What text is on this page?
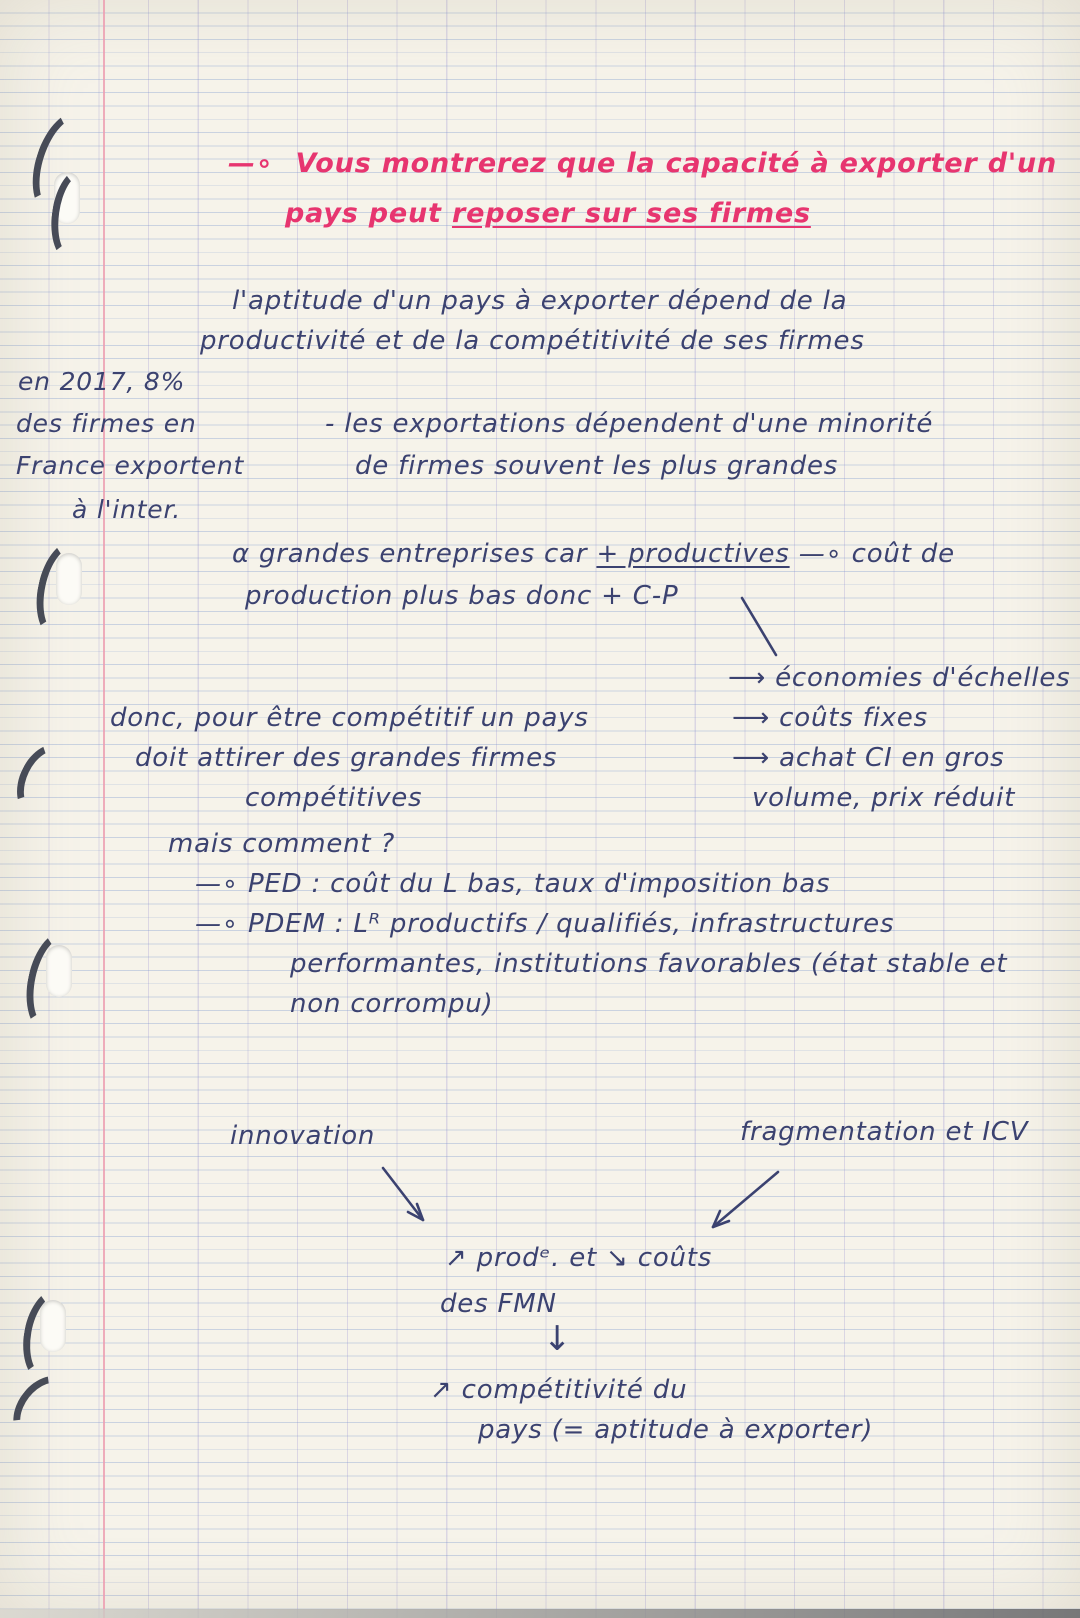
—∘ Vous montrerez que la capacité à exporter d'un
pays peut reposer sur ses firmes
l'aptitude d'un pays à exporter dépend de la
productivité et de la compétitivité de ses firmes
en 2017, 8%
des firmes en
France exportent
à l'inter.
- les exportations dépendent d'une minorité
de firmes souvent les plus grandes
α grandes entreprises car + productives —∘ coût de
production plus bas donc + C-P
⟶ économies d'échelles
⟶ coûts fixes
⟶ achat CI en gros
volume, prix réduit
donc, pour être compétitif un pays
doit attirer des grandes firmes
compétitives
mais comment ?
—∘ PED : coût du L bas, taux d'imposition bas
—∘ PDEM : Lᴿ productifs / qualifiés, infrastructures
performantes, institutions favorables (état stable et
non corrompu)
innovation	fragmentation et ICV
↗ prodᵉ. et ↘ coûts
des FMN
↓
↗ compétitivité du
pays (= aptitude à exporter)
